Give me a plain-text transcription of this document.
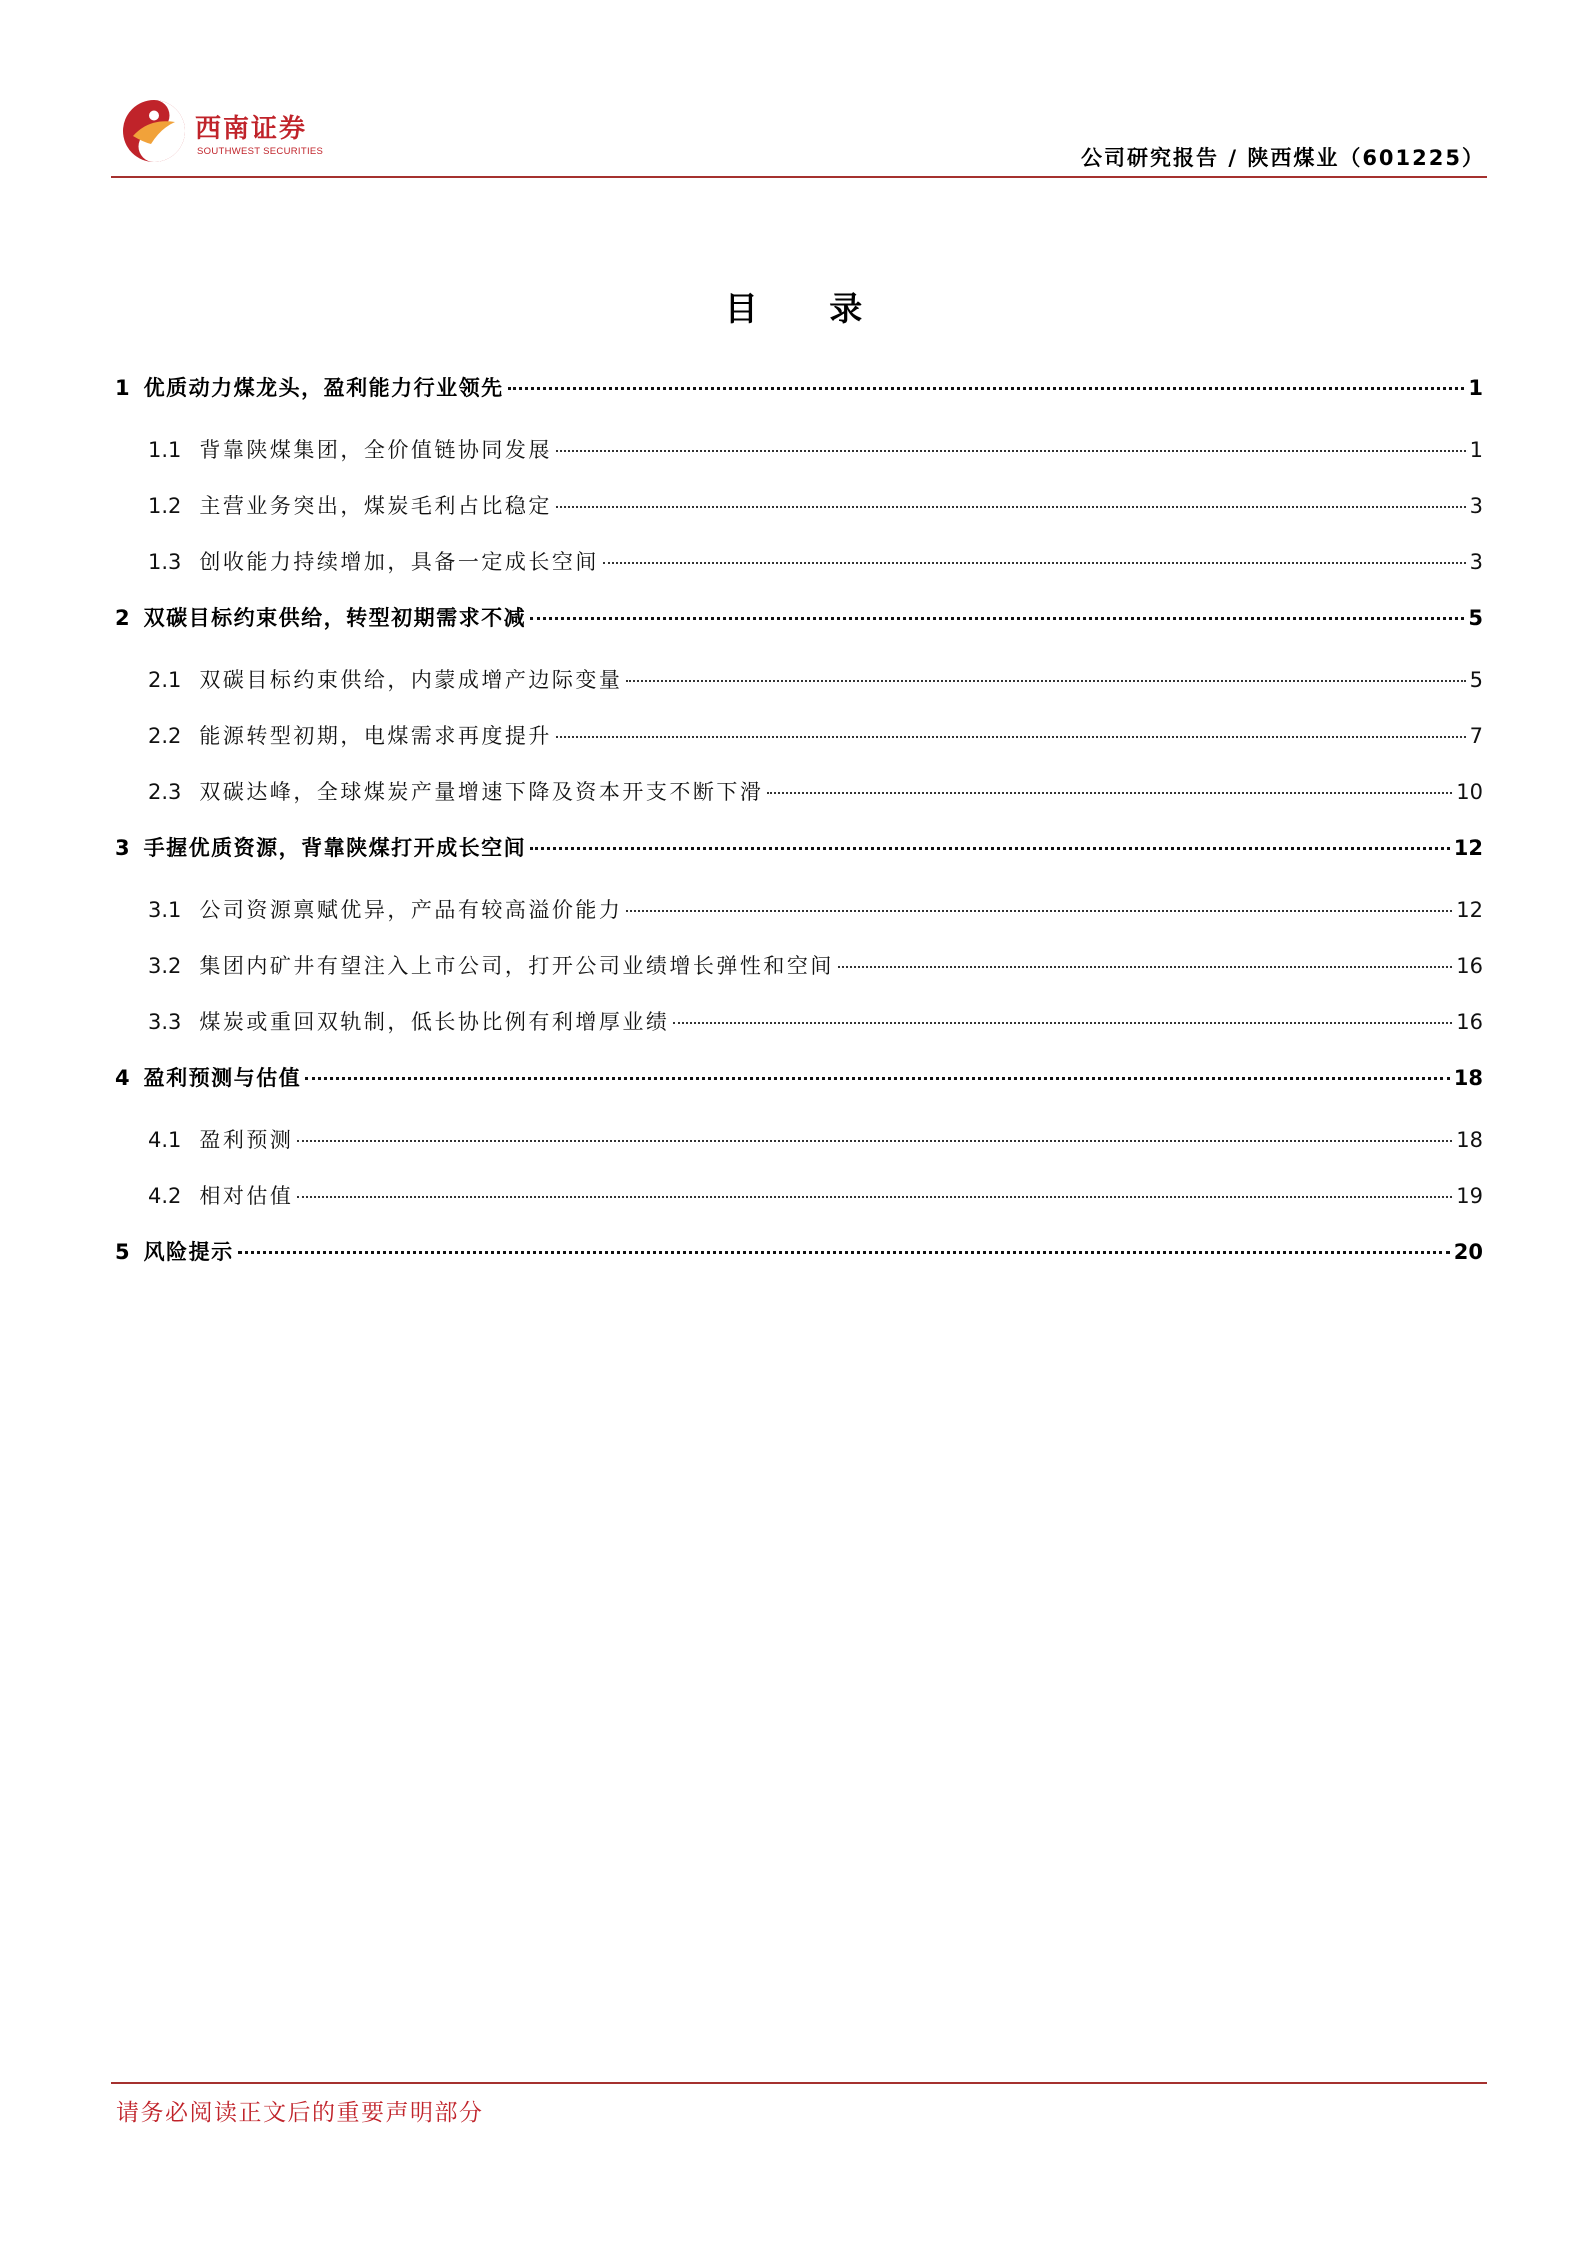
西南证券
SOUTHWEST SECURITIES	公司研究报告 / 陕西煤业（601225）
目 录
1 优质动力煤龙头，盈利能力行业领先	1
1.1 背靠陕煤集团，全价值链协同发展	1
1.2 主营业务突出，煤炭毛利占比稳定	3
1.3 创收能力持续增加，具备一定成长空间	3
2 双碳目标约束供给，转型初期需求不减	5
2.1 双碳目标约束供给，内蒙成增产边际变量	5
2.2 能源转型初期，电煤需求再度提升	7
2.3 双碳达峰，全球煤炭产量增速下降及资本开支不断下滑	10
3 手握优质资源，背靠陕煤打开成长空间	12
3.1 公司资源禀赋优异，产品有较高溢价能力	12
3.2 集团内矿井有望注入上市公司，打开公司业绩增长弹性和空间	16
3.3 煤炭或重回双轨制，低长协比例有利增厚业绩	16
4 盈利预测与估值	18
4.1 盈利预测	18
4.2 相对估值	19
5 风险提示	20
请务必阅读正文后的重要声明部分
